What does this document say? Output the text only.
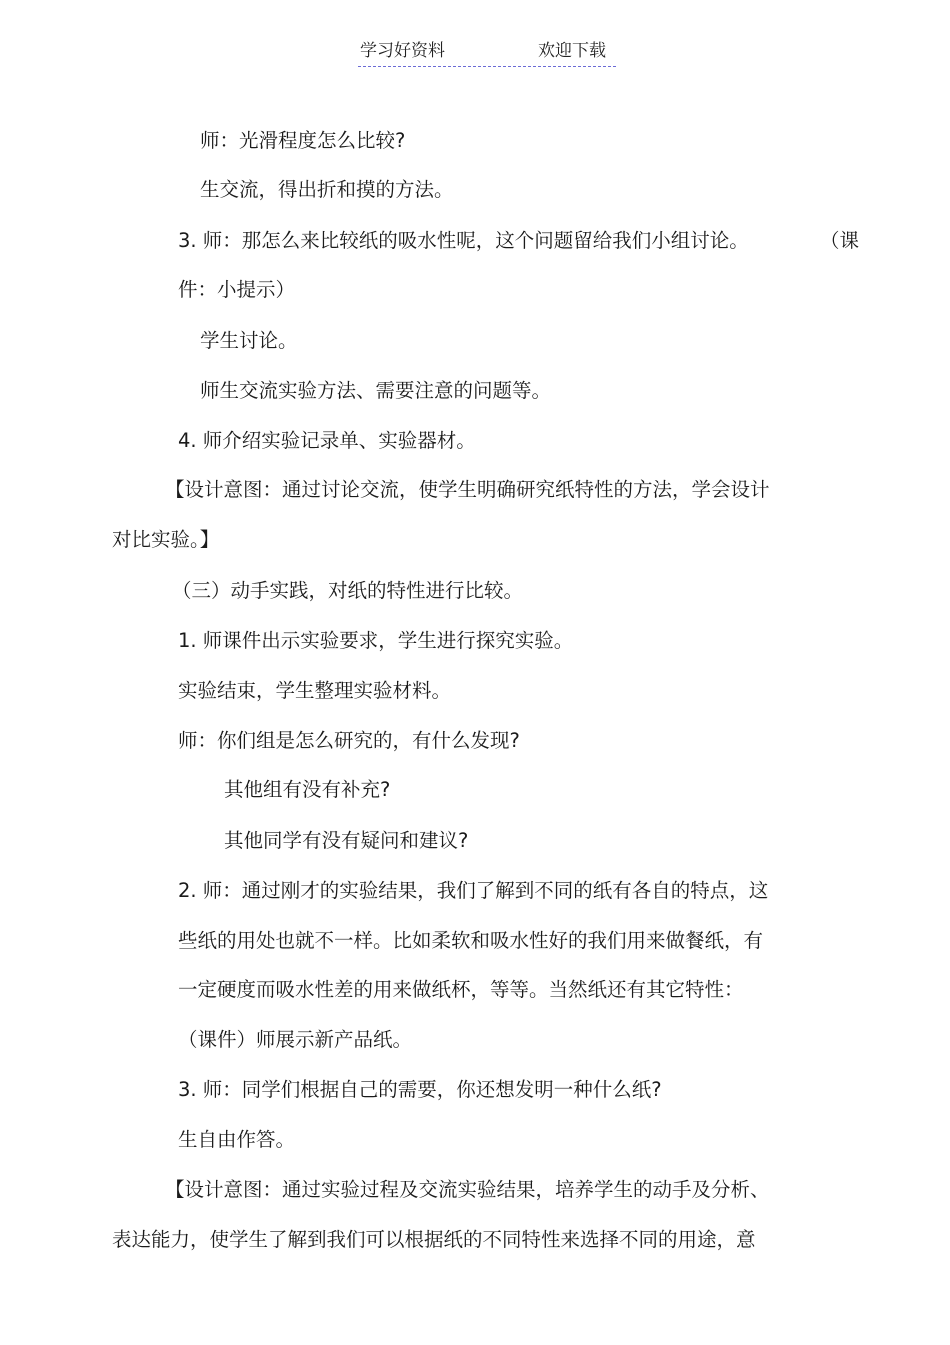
学习好资料	欢迎下载
师：光滑程度怎么比较?
生交流，得出折和摸的方法。
3. 师：那怎么来比较纸的吸水性呢，这个问题留给我们小组讨论。	（课
件：小提示）
学生讨论。
师生交流实验方法、需要注意的问题等。
4. 师介绍实验记录单、实验器材。
【设计意图：通过讨论交流，使学生明确研究纸特性的方法，学会设计
对比实验。】
（三）动手实践，对纸的特性进行比较。
1. 师课件出示实验要求，学生进行探究实验。
实验结束，学生整理实验材料。
师：你们组是怎么研究的，有什么发现?
其他组有没有补充?
其他同学有没有疑问和建议?
2. 师：通过刚才的实验结果，我们了解到不同的纸有各自的特点，这
些纸的用处也就不一样。比如柔软和吸水性好的我们用来做餐纸，有
一定硬度而吸水性差的用来做纸杯，等等。当然纸还有其它特性：
（课件）师展示新产品纸。
3. 师：同学们根据自己的需要，你还想发明一种什么纸?
生自由作答。
【设计意图：通过实验过程及交流实验结果，培养学生的动手及分析、
表达能力，使学生了解到我们可以根据纸的不同特性来选择不同的用途，意
